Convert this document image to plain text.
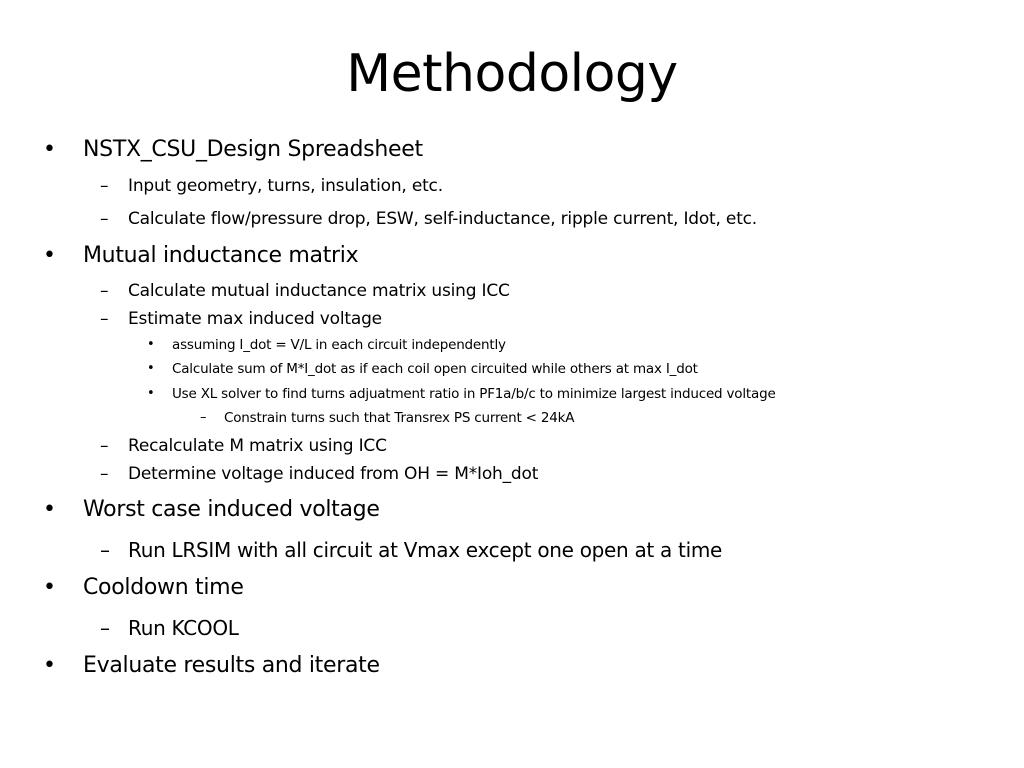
Methodology
• NSTX_CSU_Design Spreadsheet
– Input geometry, turns, insulation, etc.
– Calculate flow/pressure drop, ESW, self-inductance, ripple current, Idot, etc.
• Mutual inductance matrix
– Calculate mutual inductance matrix using ICC
– Estimate max induced voltage
• assuming I_dot = V/L in each circuit independently
• Calculate sum of M*I_dot as if each coil open circuited while others at max I_dot
• Use XL solver to find turns adjuatment ratio in PF1a/b/c to minimize largest induced voltage
– Constrain turns such that Transrex PS current < 24kA
– Recalculate M matrix using ICC
– Determine voltage induced from OH = M*Ioh_dot
• Worst case induced voltage
– Run LRSIM with all circuit at Vmax except one open at a time
• Cooldown time
– Run KCOOL
• Evaluate results and iterate
